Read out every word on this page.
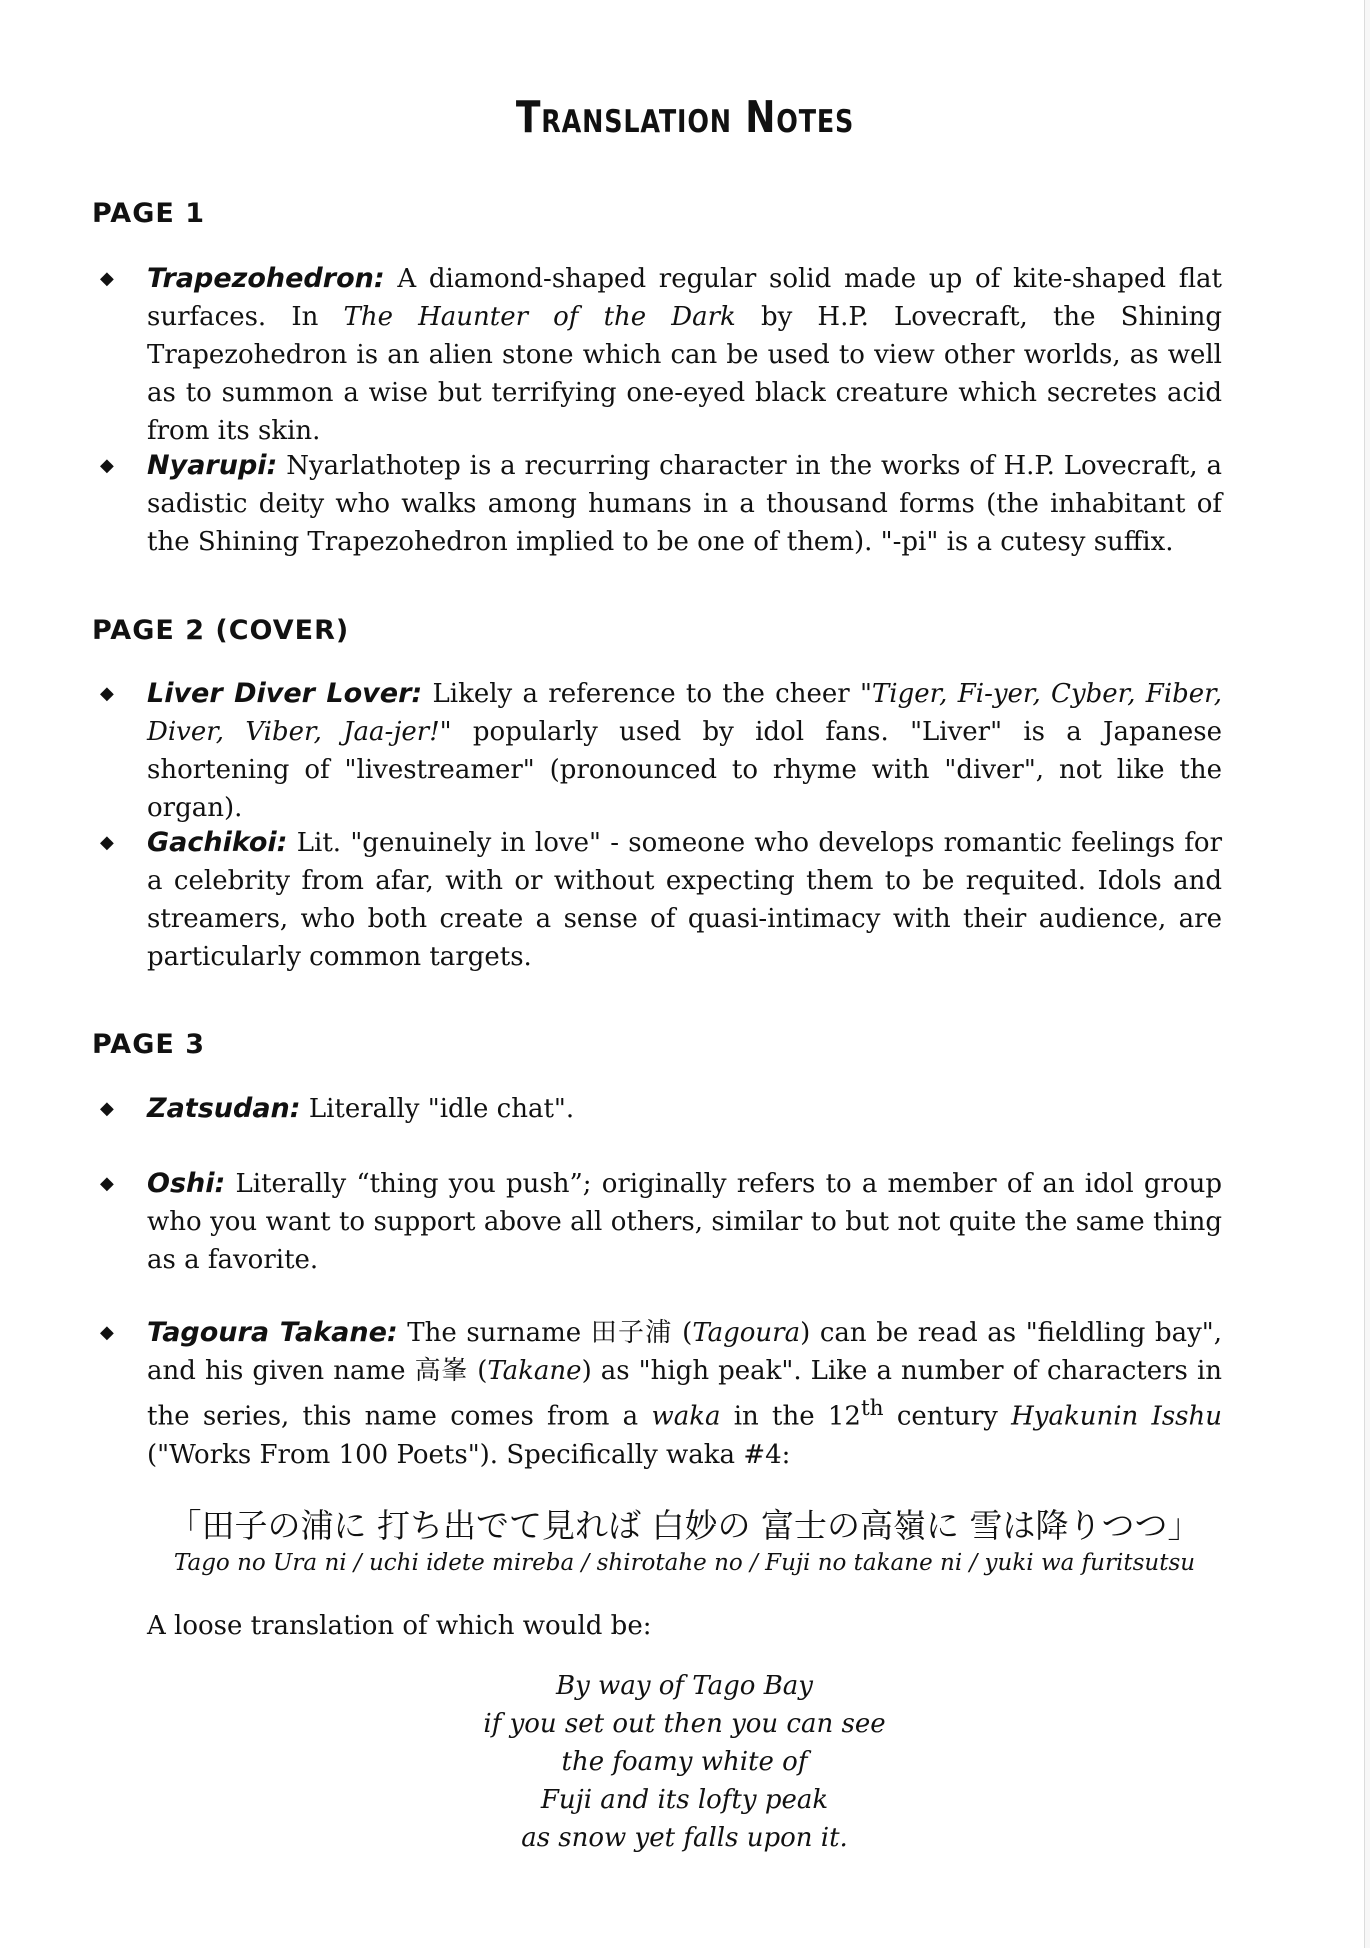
Translation Notes
PAGE 1
◆ Trapezohedron: A diamond-shaped regular solid made up of kite-shaped flat surfaces. In The Haunter of the Dark by H.P. Lovecraft, the Shining Trapezohedron is an alien stone which can be used to view other worlds, as well as to summon a wise but terrifying one-eyed black creature which secretes acid from its skin.
◆ Nyarupi: Nyarlathotep is a recurring character in the works of H.P. Lovecraft, a sadistic deity who walks among humans in a thousand forms (the inhabitant of the Shining Trapezohedron implied to be one of them). "-pi" is a cutesy suffix.
PAGE 2 (COVER)
◆ Liver Diver Lover: Likely a reference to the cheer "Tiger, Fi-yer, Cyber, Fiber, Diver, Viber, Jaa-jer!" popularly used by idol fans. "Liver" is a Japanese shortening of "livestreamer" (pronounced to rhyme with "diver", not like the organ).
◆ Gachikoi: Lit. "genuinely in love" - someone who develops romantic feelings for a celebrity from afar, with or without expecting them to be requited. Idols and streamers, who both create a sense of quasi-intimacy with their audience, are particularly common targets.
PAGE 3
◆ Zatsudan: Literally "idle chat".
◆ Oshi: Literally “thing you push”; originally refers to a member of an idol group who you want to support above all others, similar to but not quite the same thing as a favorite.
◆ Tagoura Takane: The surname 田子浦 (Tagoura) can be read as "fieldling bay", and his given name 高峯 (Takane) as "high peak". Like a number of characters in the series, this name comes from a waka in the 12th century Hyakunin Isshu ("Works From 100 Poets"). Specifically waka #4:
「田子の浦に 打ち出でて見れば 白妙の 富士の高嶺に 雪は降りつつ」
Tago no Ura ni / uchi idete mireba / shirotahe no / Fuji no takane ni / yuki wa furitsutsu
A loose translation of which would be:
By way of Tago Bay
if you set out then you can see
the foamy white of
Fuji and its lofty peak
as snow yet falls upon it.
